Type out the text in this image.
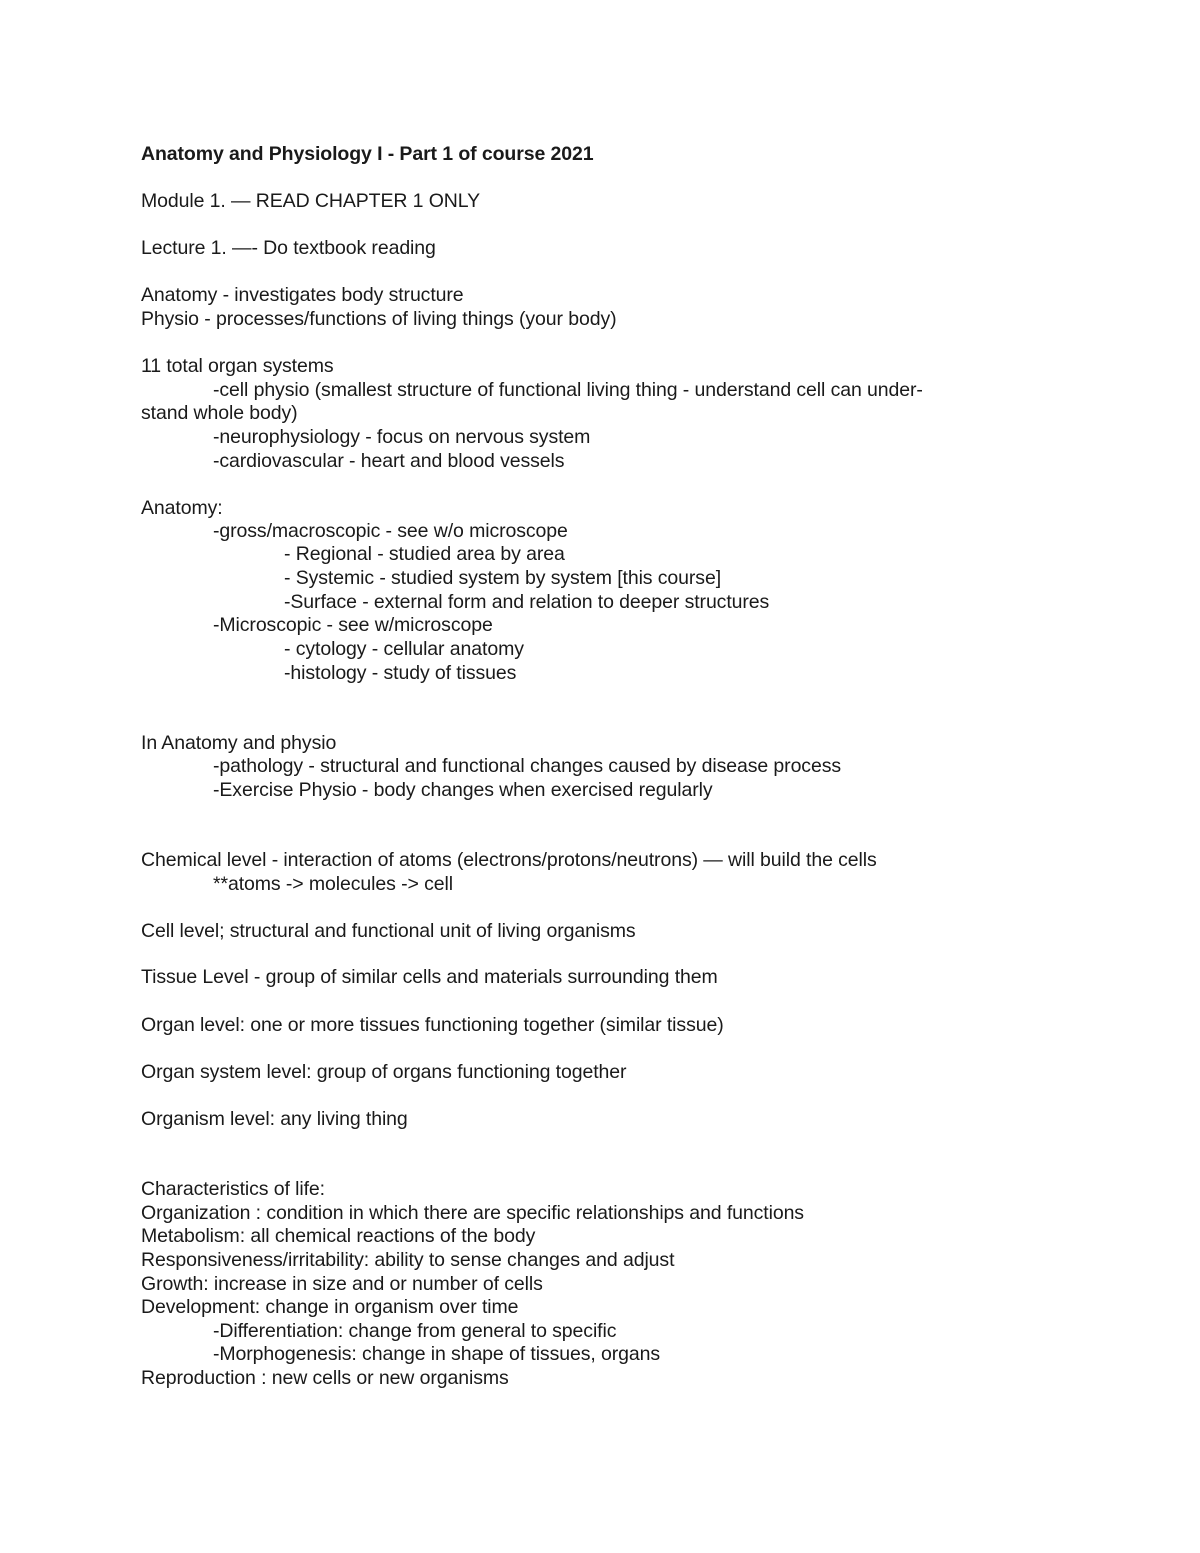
Anatomy and Physiology I - Part 1 of course 2021
Module 1. — READ CHAPTER 1 ONLY
Lecture 1. —- Do textbook reading
Anatomy - investigates body structure
Physio - processes/functions of living things (your body)
11 total organ systems
-cell physio (smallest structure of functional living thing - understand cell can under-
stand whole body)
-neurophysiology - focus on nervous system
-cardiovascular - heart and blood vessels
Anatomy:
-gross/macroscopic - see w/o microscope
- Regional - studied area by area
- Systemic - studied system by system [this course]
-Surface - external form and relation to deeper structures
-Microscopic - see w/microscope
- cytology - cellular anatomy
-histology - study of tissues
In Anatomy and physio
-pathology - structural and functional changes caused by disease process
-Exercise Physio - body changes when exercised regularly
Chemical level - interaction of atoms (electrons/protons/neutrons) — will build the cells
**atoms -> molecules -> cell
Cell level; structural and functional unit of living organisms
Tissue Level - group of similar cells and materials surrounding them
Organ level: one or more tissues functioning together (similar tissue)
Organ system level: group of organs functioning together
Organism level: any living thing
Characteristics of life:
Organization : condition in which there are specific relationships and functions
Metabolism: all chemical reactions of the body
Responsiveness/irritability: ability to sense changes and adjust
Growth: increase in size and or number of cells
Development: change in organism over time
-Differentiation: change from general to specific
-Morphogenesis: change in shape of tissues, organs
Reproduction : new cells or new organisms
